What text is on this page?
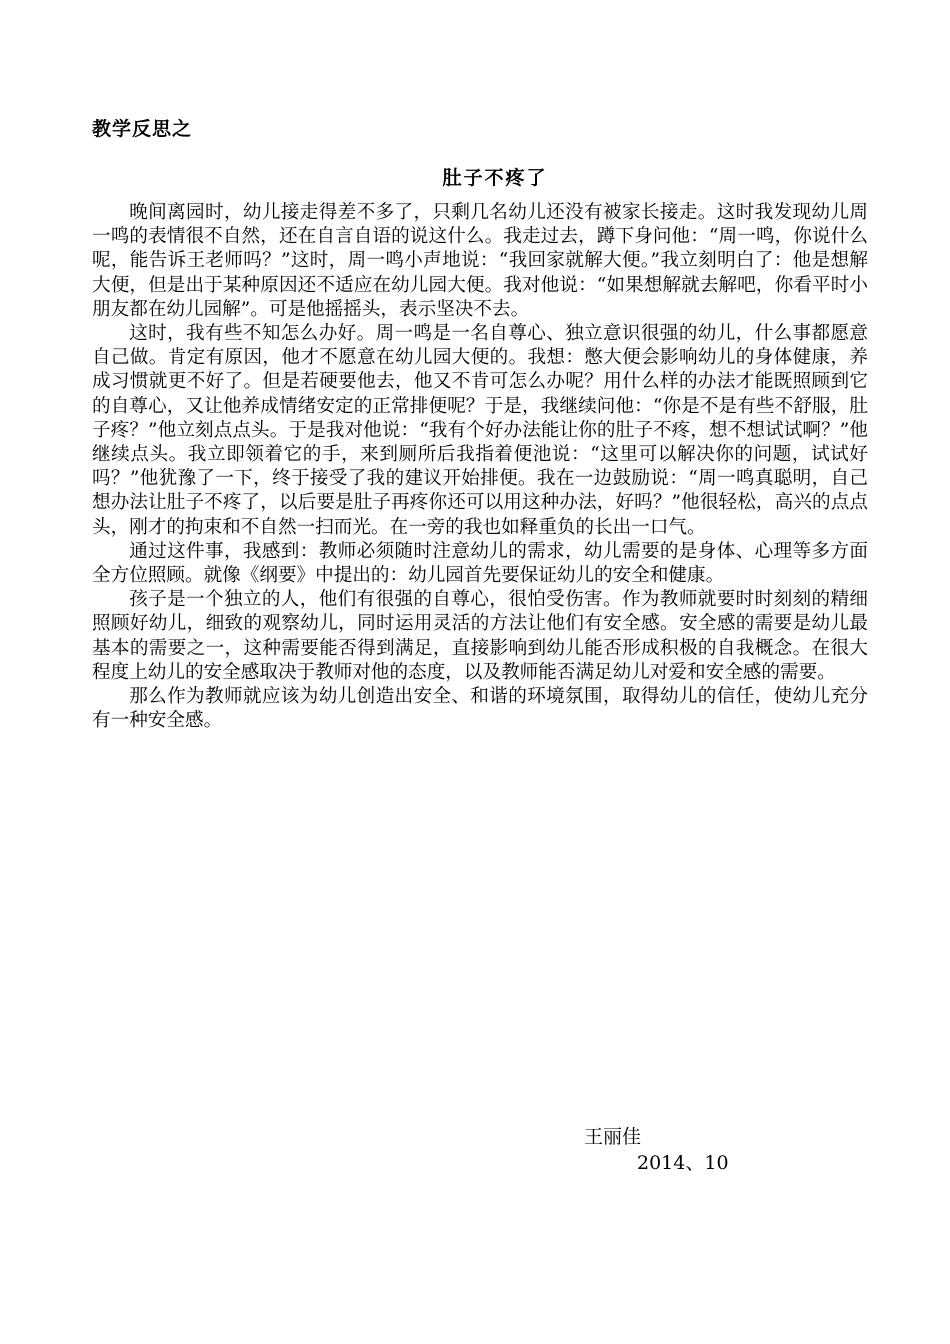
教学反思之

肚子不疼了

晚间离园时，幼儿接走得差不多了，只剩几名幼儿还没有被家长接走。这时我发现幼儿周一鸣的表情很不自然，还在自言自语的说这什么。我走过去，蹲下身问他：“周一鸣，你说什么呢，能告诉王老师吗？”这时，周一鸣小声地说：“我回家就解大便。”我立刻明白了：他是想解大便，但是出于某种原因还不适应在幼儿园大便。我对他说：“如果想解就去解吧，你看平时小朋友都在幼儿园解”。可是他摇摇头，表示坚决不去。

这时，我有些不知怎么办好。周一鸣是一名自尊心、独立意识很强的幼儿，什么事都愿意自己做。肯定有原因，他才不愿意在幼儿园大便的。我想：憋大便会影响幼儿的身体健康，养成习惯就更不好了。但是若硬要他去，他又不肯可怎么办呢？用什么样的办法才能既照顾到它的自尊心，又让他养成情绪安定的正常排便呢？于是，我继续问他：“你是不是有些不舒服，肚子疼？”他立刻点点头。于是我对他说：“我有个好办法能让你的肚子不疼，想不想试试啊？”他继续点头。我立即领着它的手，来到厕所后我指着便池说：“这里可以解决你的问题，试试好吗？”他犹豫了一下，终于接受了我的建议开始排便。我在一边鼓励说：“周一鸣真聪明，自己想办法让肚子不疼了，以后要是肚子再疼你还可以用这种办法，好吗？”他很轻松，高兴的点点头，刚才的拘束和不自然一扫而光。在一旁的我也如释重负的长出一口气。

通过这件事，我感到：教师必须随时注意幼儿的需求，幼儿需要的是身体、心理等多方面全方位照顾。就像《纲要》中提出的：幼儿园首先要保证幼儿的安全和健康。

孩子是一个独立的人，他们有很强的自尊心，很怕受伤害。作为教师就要时时刻刻的精细照顾好幼儿，细致的观察幼儿，同时运用灵活的方法让他们有安全感。安全感的需要是幼儿最基本的需要之一，这种需要能否得到满足，直接影响到幼儿能否形成积极的自我概念。在很大程度上幼儿的安全感取决于教师对他的态度，以及教师能否满足幼儿对爱和安全感的需要。

那么作为教师就应该为幼儿创造出安全、和谐的环境氛围，取得幼儿的信任，使幼儿充分有一种安全感。

王丽佳

2014、10
